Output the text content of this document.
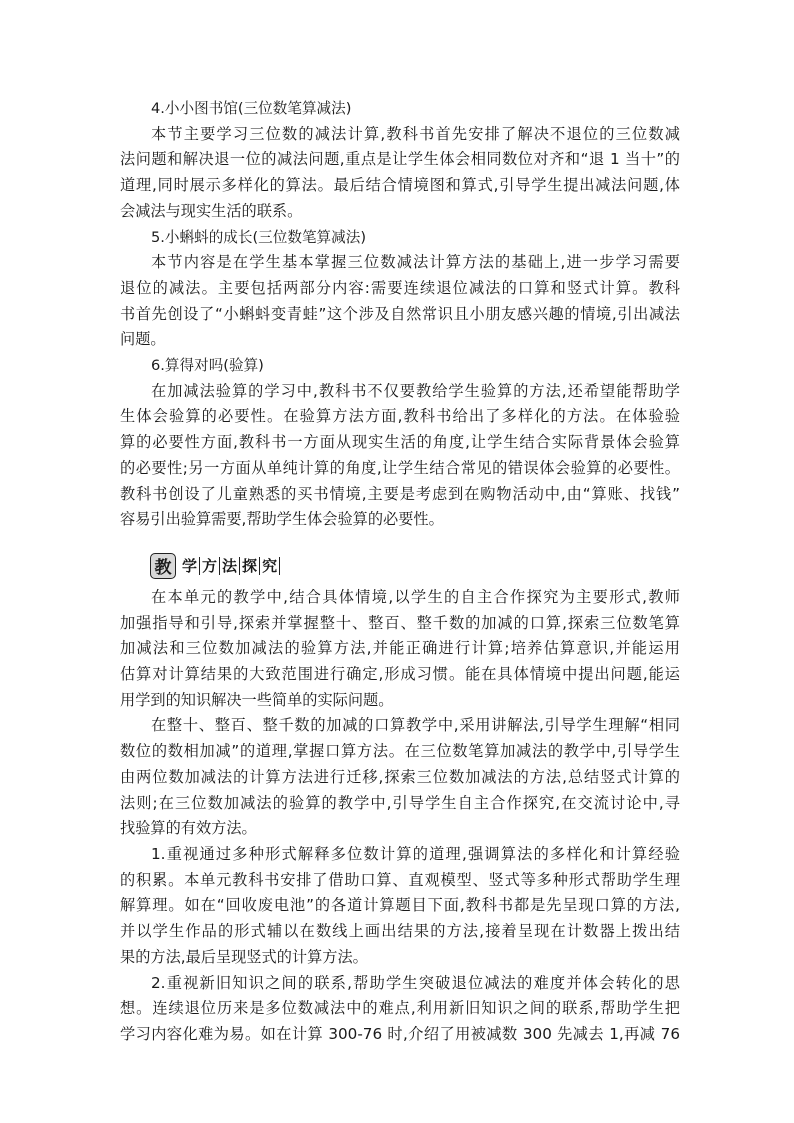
4.小小图书馆(三位数笔算减法)

本节主要学习三位数的减法计算,教科书首先安排了解决不退位的三位数减

法问题和解决退一位的减法问题,重点是让学生体会相同数位对齐和“退 1 当十”的

道理,同时展示多样化的算法。最后结合情境图和算式,引导学生提出减法问题,体

会减法与现实生活的联系。

5.小蝌蚪的成长(三位数笔算减法)

本节内容是在学生基本掌握三位数减法计算方法的基础上,进一步学习需要

退位的减法。主要包括两部分内容:需要连续退位减法的口算和竖式计算。教科

书首先创设了“小蝌蚪变青蛙”这个涉及自然常识且小朋友感兴趣的情境,引出减法

问题。

6.算得对吗(验算)

在加减法验算的学习中,教科书不仅要教给学生验算的方法,还希望能帮助学

生体会验算的必要性。在验算方法方面,教科书给出了多样化的方法。在体验验

算的必要性方面,教科书一方面从现实生活的角度,让学生结合实际背景体会验算

的必要性;另一方面从单纯计算的角度,让学生结合常见的错误体会验算的必要性。

教科书创设了儿童熟悉的买书情境,主要是考虑到在购物活动中,由“算账、找钱”

容易引出验算需要,帮助学生体会验算的必要性。

教 学 方 法 探 究

在本单元的教学中,结合具体情境,以学生的自主合作探究为主要形式,教师

加强指导和引导,探索并掌握整十、整百、整千数的加减的口算,探索三位数笔算

加减法和三位数加减法的验算方法,并能正确进行计算;培养估算意识,并能运用

估算对计算结果的大致范围进行确定,形成习惯。能在具体情境中提出问题,能运

用学到的知识解决一些简单的实际问题。

在整十、整百、整千数的加减的口算教学中,采用讲解法,引导学生理解“相同

数位的数相加减”的道理,掌握口算方法。在三位数笔算加减法的教学中,引导学生

由两位数加减法的计算方法进行迁移,探索三位数加减法的方法,总结竖式计算的

法则;在三位数加减法的验算的教学中,引导学生自主合作探究,在交流讨论中,寻

找验算的有效方法。

1.重视通过多种形式解释多位数计算的道理,强调算法的多样化和计算经验

的积累。本单元教科书安排了借助口算、直观模型、竖式等多种形式帮助学生理

解算理。如在“回收废电池”的各道计算题目下面,教科书都是先呈现口算的方法,

并以学生作品的形式辅以在数线上画出结果的方法,接着呈现在计数器上拨出结

果的方法,最后呈现竖式的计算方法。

2.重视新旧知识之间的联系,帮助学生突破退位减法的难度并体会转化的思

想。连续退位历来是多位数减法中的难点,利用新旧知识之间的联系,帮助学生把

学习内容化难为易。如在计算 300-76 时,介绍了用被减数 300 先减去 1,再减 76
